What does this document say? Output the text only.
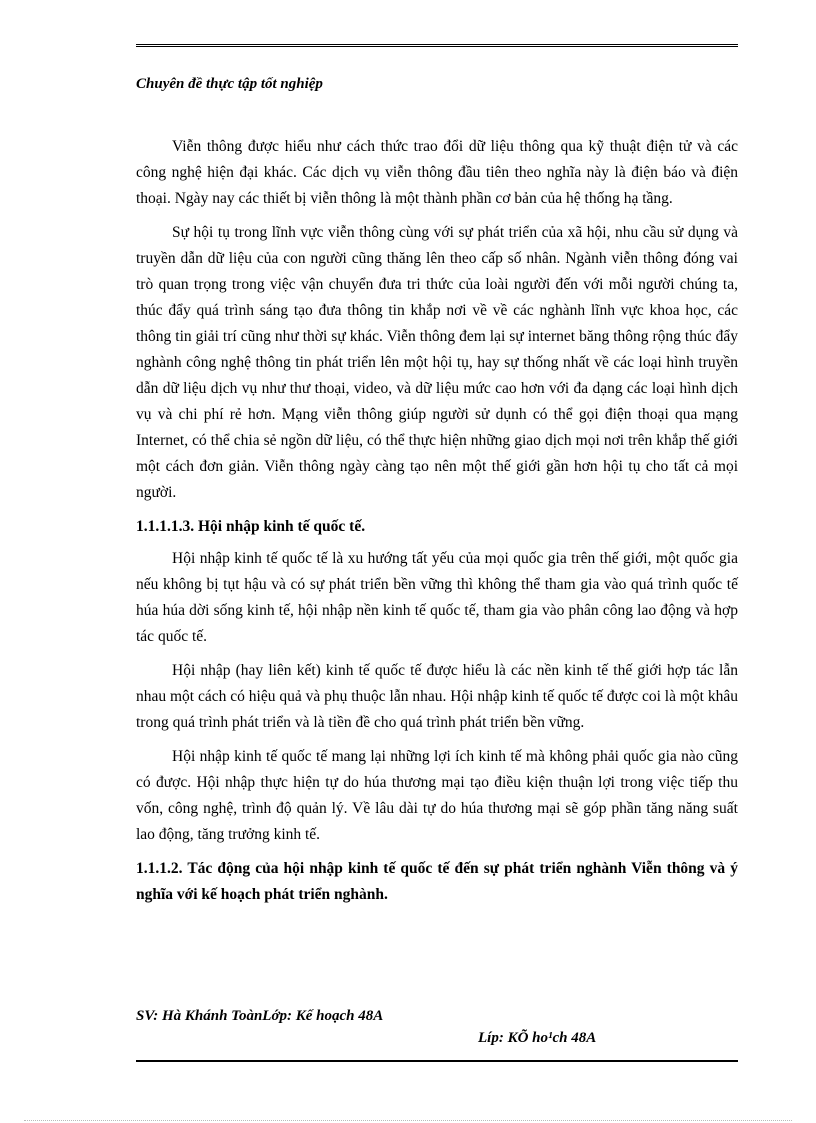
Chuyên đề thực tập tốt nghiệp

Viễn thông được hiểu như cách thức trao đổi dữ liệu thông qua kỹ thuật điện tử và các công nghệ hiện đại khác. Các dịch vụ viễn thông đầu tiên theo nghĩa này là điện báo và điện thoại. Ngày nay các thiết bị viễn thông là một thành phần cơ bản của hệ thống hạ tầng.

Sự hội tụ trong lĩnh vực viễn thông cùng với sự phát triển của xã hội, nhu cầu sử dụng và truyền dẫn dữ liệu của con người cũng thăng lên theo cấp số nhân. Ngành viễn thông đóng vai trò quan trọng trong việc vận chuyển đưa tri thức của loài người đến với mỗi người chúng ta, thúc đẩy quá trình sáng tạo đưa thông tin khắp nơi về về các nghành lĩnh vực khoa học, các thông tin giải trí cũng như thời sự khác. Viễn thông đem lại sự internet băng thông rộng thúc đẩy nghành công nghệ thông tin phát triển lên một hội tụ, hay sự thống nhất về các loại hình truyền dẫn dữ liệu dịch vụ như thư thoại, video, và dữ liệu mức cao hơn với đa dạng các loại hình dịch vụ và chi phí rẻ hơn. Mạng viễn thông giúp người sử dụnh có thể gọi điện thoại qua mạng Internet, có thể chia sẻ ngồn dữ liệu, có thể thực hiện những giao dịch mọi nơi trên khắp thế giới một cách đơn giản. Viễn thông ngày càng tạo nên một thế giới gần hơn hội tụ cho tất cả mọi người.

1.1.1.1.3. Hội nhập kinh tế quốc tế.

Hội nhập kinh tế quốc tế là xu hướng tất yếu của mọi quốc gia trên thế giới, một quốc gia nếu không bị tụt hậu và có sự phát triển bền vững thì không thể tham gia vào quá trình quốc tế húa húa dời sống kinh tế, hội nhập nền kinh tế quốc tế, tham gia vào phân công lao động và hợp tác quốc tế.

Hội nhập (hay liên kết) kinh tế quốc tế được hiểu là các nền kinh tế thế giới hợp tác lẫn nhau một cách có hiệu quả và phụ thuộc lẫn nhau. Hội nhập kinh tế quốc tế được coi là một khâu trong quá trình phát triển và là tiền đề cho quá trình phát triển bền vững.

Hội nhập kinh tế quốc tế mang lại những lợi ích kinh tế mà không phải quốc gia nào cũng có được. Hội nhập thực hiện tự do húa thương mại tạo điều kiện thuận lợi trong việc tiếp thu vốn, công nghệ, trình độ quản lý. Về lâu dài tự do húa thương mại sẽ góp phần tăng năng suất lao động, tăng trưởng kinh tế.

1.1.1.2. Tác động của hội nhập kinh tế quốc tế đến sự phát triển nghành Viễn thông và ý nghĩa với kế hoạch phát triển nghành.
SV: Hà Khánh ToànLớp: Kế hoạch 48A
Líp: KÕ ho¹ch 48A
